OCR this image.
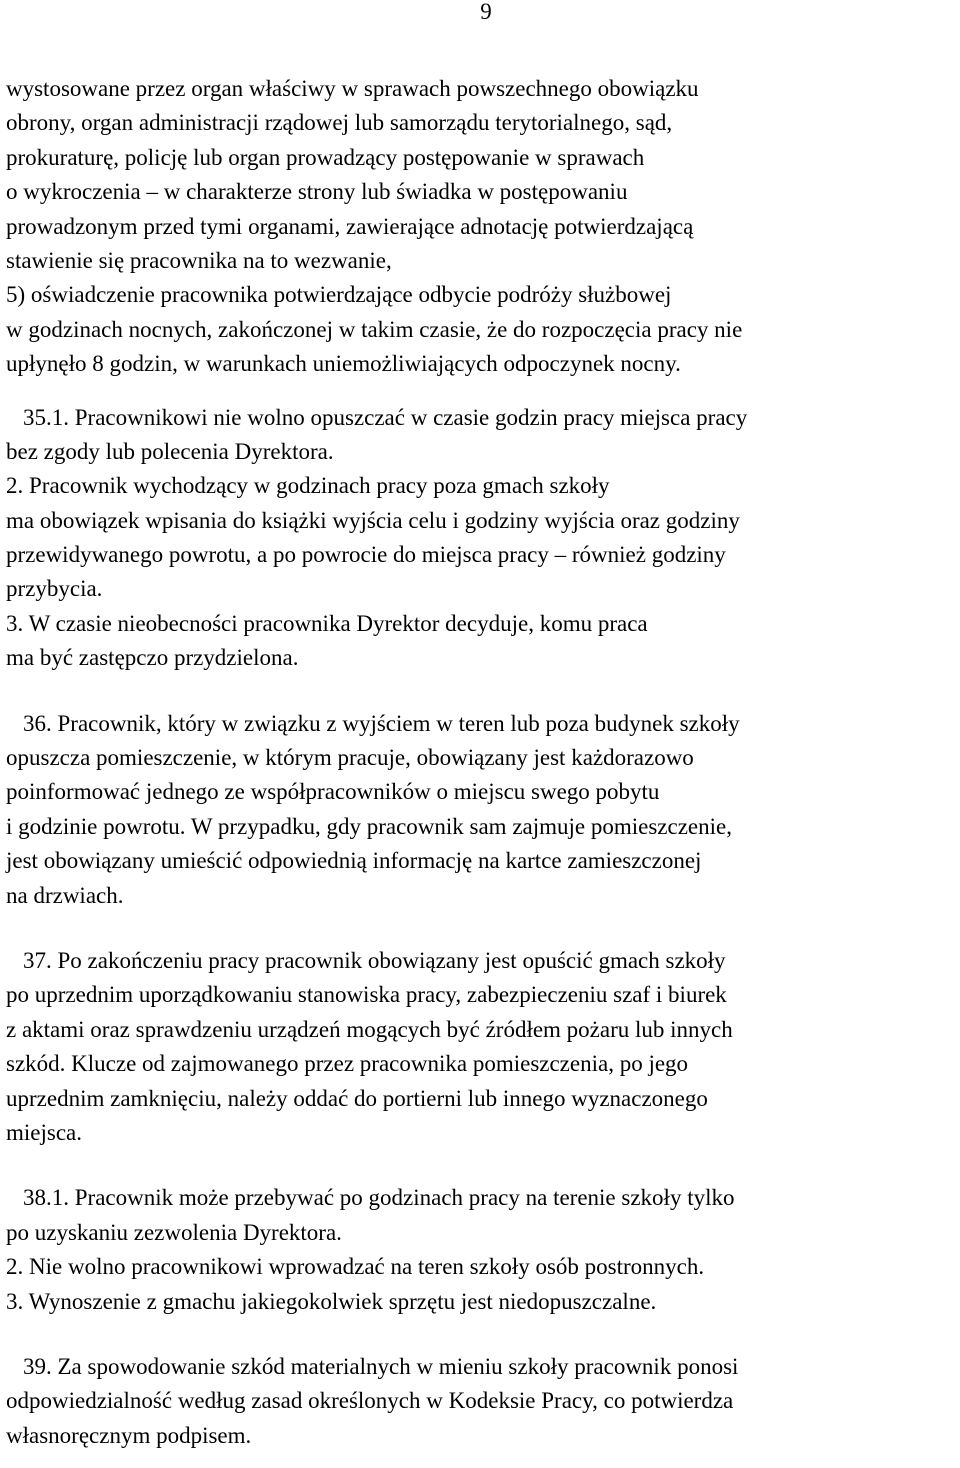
9
wystosowane przez organ właściwy w sprawach powszechnego obowiązku
obrony, organ administracji rządowej lub samorządu terytorialnego, sąd,
prokuraturę, policję lub organ prowadzący postępowanie w sprawach
o wykroczenia – w charakterze strony lub świadka w postępowaniu
prowadzonym przed tymi organami, zawierające adnotację potwierdzającą
stawienie się pracownika na to wezwanie,
5) oświadczenie pracownika potwierdzające odbycie podróży służbowej
w godzinach nocnych, zakończonej w takim czasie, że do rozpoczęcia pracy nie
upłynęło 8 godzin, w warunkach uniemożliwiających odpoczynek nocny.
35.1. Pracownikowi nie wolno opuszczać w czasie godzin pracy miejsca pracy
bez zgody lub polecenia Dyrektora.
2. Pracownik wychodzący w godzinach pracy poza gmach szkoły
ma obowiązek wpisania do książki wyjścia celu i godziny wyjścia oraz godziny
przewidywanego powrotu, a po powrocie do miejsca pracy – również godziny
przybycia.
3. W czasie nieobecności pracownika Dyrektor decyduje, komu praca
ma być zastępczo przydzielona.
36. Pracownik, który w związku z wyjściem w teren lub poza budynek szkoły
opuszcza pomieszczenie, w którym pracuje, obowiązany jest każdorazowo
poinformować jednego ze współpracowników o miejscu swego pobytu
i godzinie powrotu. W przypadku, gdy pracownik sam zajmuje pomieszczenie,
jest obowiązany umieścić odpowiednią informację na kartce zamieszczonej
na drzwiach.
37. Po zakończeniu pracy pracownik obowiązany jest opuścić gmach szkoły
po uprzednim uporządkowaniu stanowiska pracy, zabezpieczeniu szaf i biurek
z aktami oraz sprawdzeniu urządzeń mogących być źródłem pożaru lub innych
szkód. Klucze od zajmowanego przez pracownika pomieszczenia, po jego
uprzednim zamknięciu, należy oddać do portierni lub innego wyznaczonego
miejsca.
38.1. Pracownik może przebywać po godzinach pracy na terenie szkoły tylko
po uzyskaniu zezwolenia Dyrektora.
2. Nie wolno pracownikowi wprowadzać na teren szkoły osób postronnych.
3. Wynoszenie z gmachu jakiegokolwiek sprzętu jest niedopuszczalne.
39. Za spowodowanie szkód materialnych w mieniu szkoły pracownik ponosi
odpowiedzialność według zasad określonych w Kodeksie Pracy, co potwierdza
własnoręcznym podpisem.
